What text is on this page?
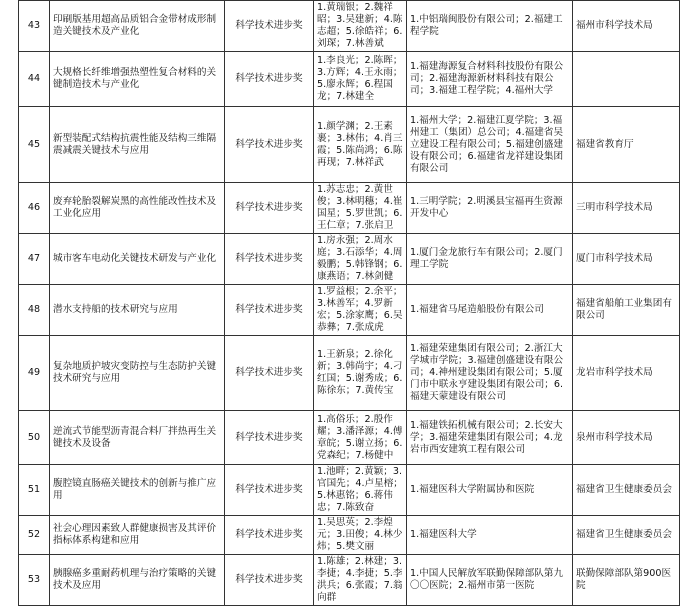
43	印刷版基用超高品质铝合金带材成形制造关键技术及产业化	科学技术进步奖	1.黄瑞银；2.魏祥昭；3.吴建新；4.陈志超；5.徐皓祥；6.刘琛；7.林善斌	1.中铝瑞闽股份有限公司；2.福建工程学院	福州市科学技术局
44	大规格长纤维增强热塑性复合材料的关键制造技术与产业化	科学技术进步奖	1.李良光；2.陈晖；3.方辉；4.王永雨；5.廖永辉；6.程国龙；7.林建全	1.福建海源复合材料科技股份有限公司；2.福建海源新材料科技有限公司；3.福建工程学院；4.福州大学	
45	新型装配式结构抗震性能及结构三维隔震减震关键技术与应用	科学技术进步奖	1.颜学渊；2.王素裹；3.林伟；4.肖三霞；5.陈尚鸿；6.陈再现；7.林祥武	1.福州大学；2.福建江夏学院；3.福州建工（集团）总公司；4.福建省吴立建设工程有限公司；5.福建创盛建设有限公司；6.福建省龙祥建设集团有限公司	福建省教育厅
46	废弃轮胎裂解炭黑的高性能改性技术及工业化应用	科学技术进步奖	1.苏志忠；2.黄世俊；3.林明穗；4.崔国星；5.罗世凯；6.王仁章；7.张启卫	1.三明学院；2.明溪县宝福再生资源开发中心	三明市科学技术局
47	城市客车电动化关键技术研发与产业化	科学技术进步奖	1.房永强；2.周水庭；3.石添华；4.周毅鹏；5.韩锋钢；6.康燕语；7.林剑健	1.厦门金龙旅行车有限公司；2.厦门理工学院	厦门市科学技术局
48	潜水支持船的技术研究与应用	科学技术进步奖	1.罗益根；2.余平；3.林善军；4.罗新宏；5.涂家鹰；6.吴恭彝；7.张成虎	1.福建省马尾造船股份有限公司	福建省船舶工业集团有限公司
49	复杂地质护坡灾变防控与生态防护关键技术研究与应用	科学技术进步奖	1.王新泉；2.徐化新；3.韩尚宇；4.刁红国；5.谢秀成；6.陈徐东；7.黄传宝	1.福建荣建集团有限公司；2.浙江大学城市学院；3.福建创盛建设有限公司；4.神州建设集团有限公司；5.厦门市中联永亨建设集团有限公司；6.福建天蒙建设有限公司	龙岩市科学技术局
50	逆流式节能型沥青混合料厂拌热再生关键技术及设备	科学技术进步奖	1.高俗乐；2.殷作耀；3.潘泽源；4.傅章皖；5.谢立扬；6.党森纪；7.杨健中	1.福建铁拓机械有限公司；2.长安大学；3.福建荣建集团有限公司；4.龙岩市西安建筑工程有限公司	泉州市科学技术局
51	腹腔镜直肠癌关键技术的创新与推广应用	科学技术进步奖	1.池畔；2.黄颖；3.官国先；4.卢星榕；5.林惠铭；6.蒋伟忠；7.陈致奋	1.福建医科大学附属协和医院	福建省卫生健康委员会
52	社会心理因素致人群健康损害及其评价指标体系构建和应用	科学技术进步奖	1.吴思英；2.李煌元；3.田俊；4.林少炜；5.樊文丽	1.福建医科大学	福建省卫生健康委员会
53	胰腺癌多重耐药机理与治疗策略的关键技术及应用	科学技术进步奖	1.陈雄；2.林建；3.李捷；4.李捷；5.李洪兵；6.张霞；7.翁向群	1.中国人民解放军联勤保障部队第九〇〇医院；2.福州市第一医院	联勤保障部队第900医院
